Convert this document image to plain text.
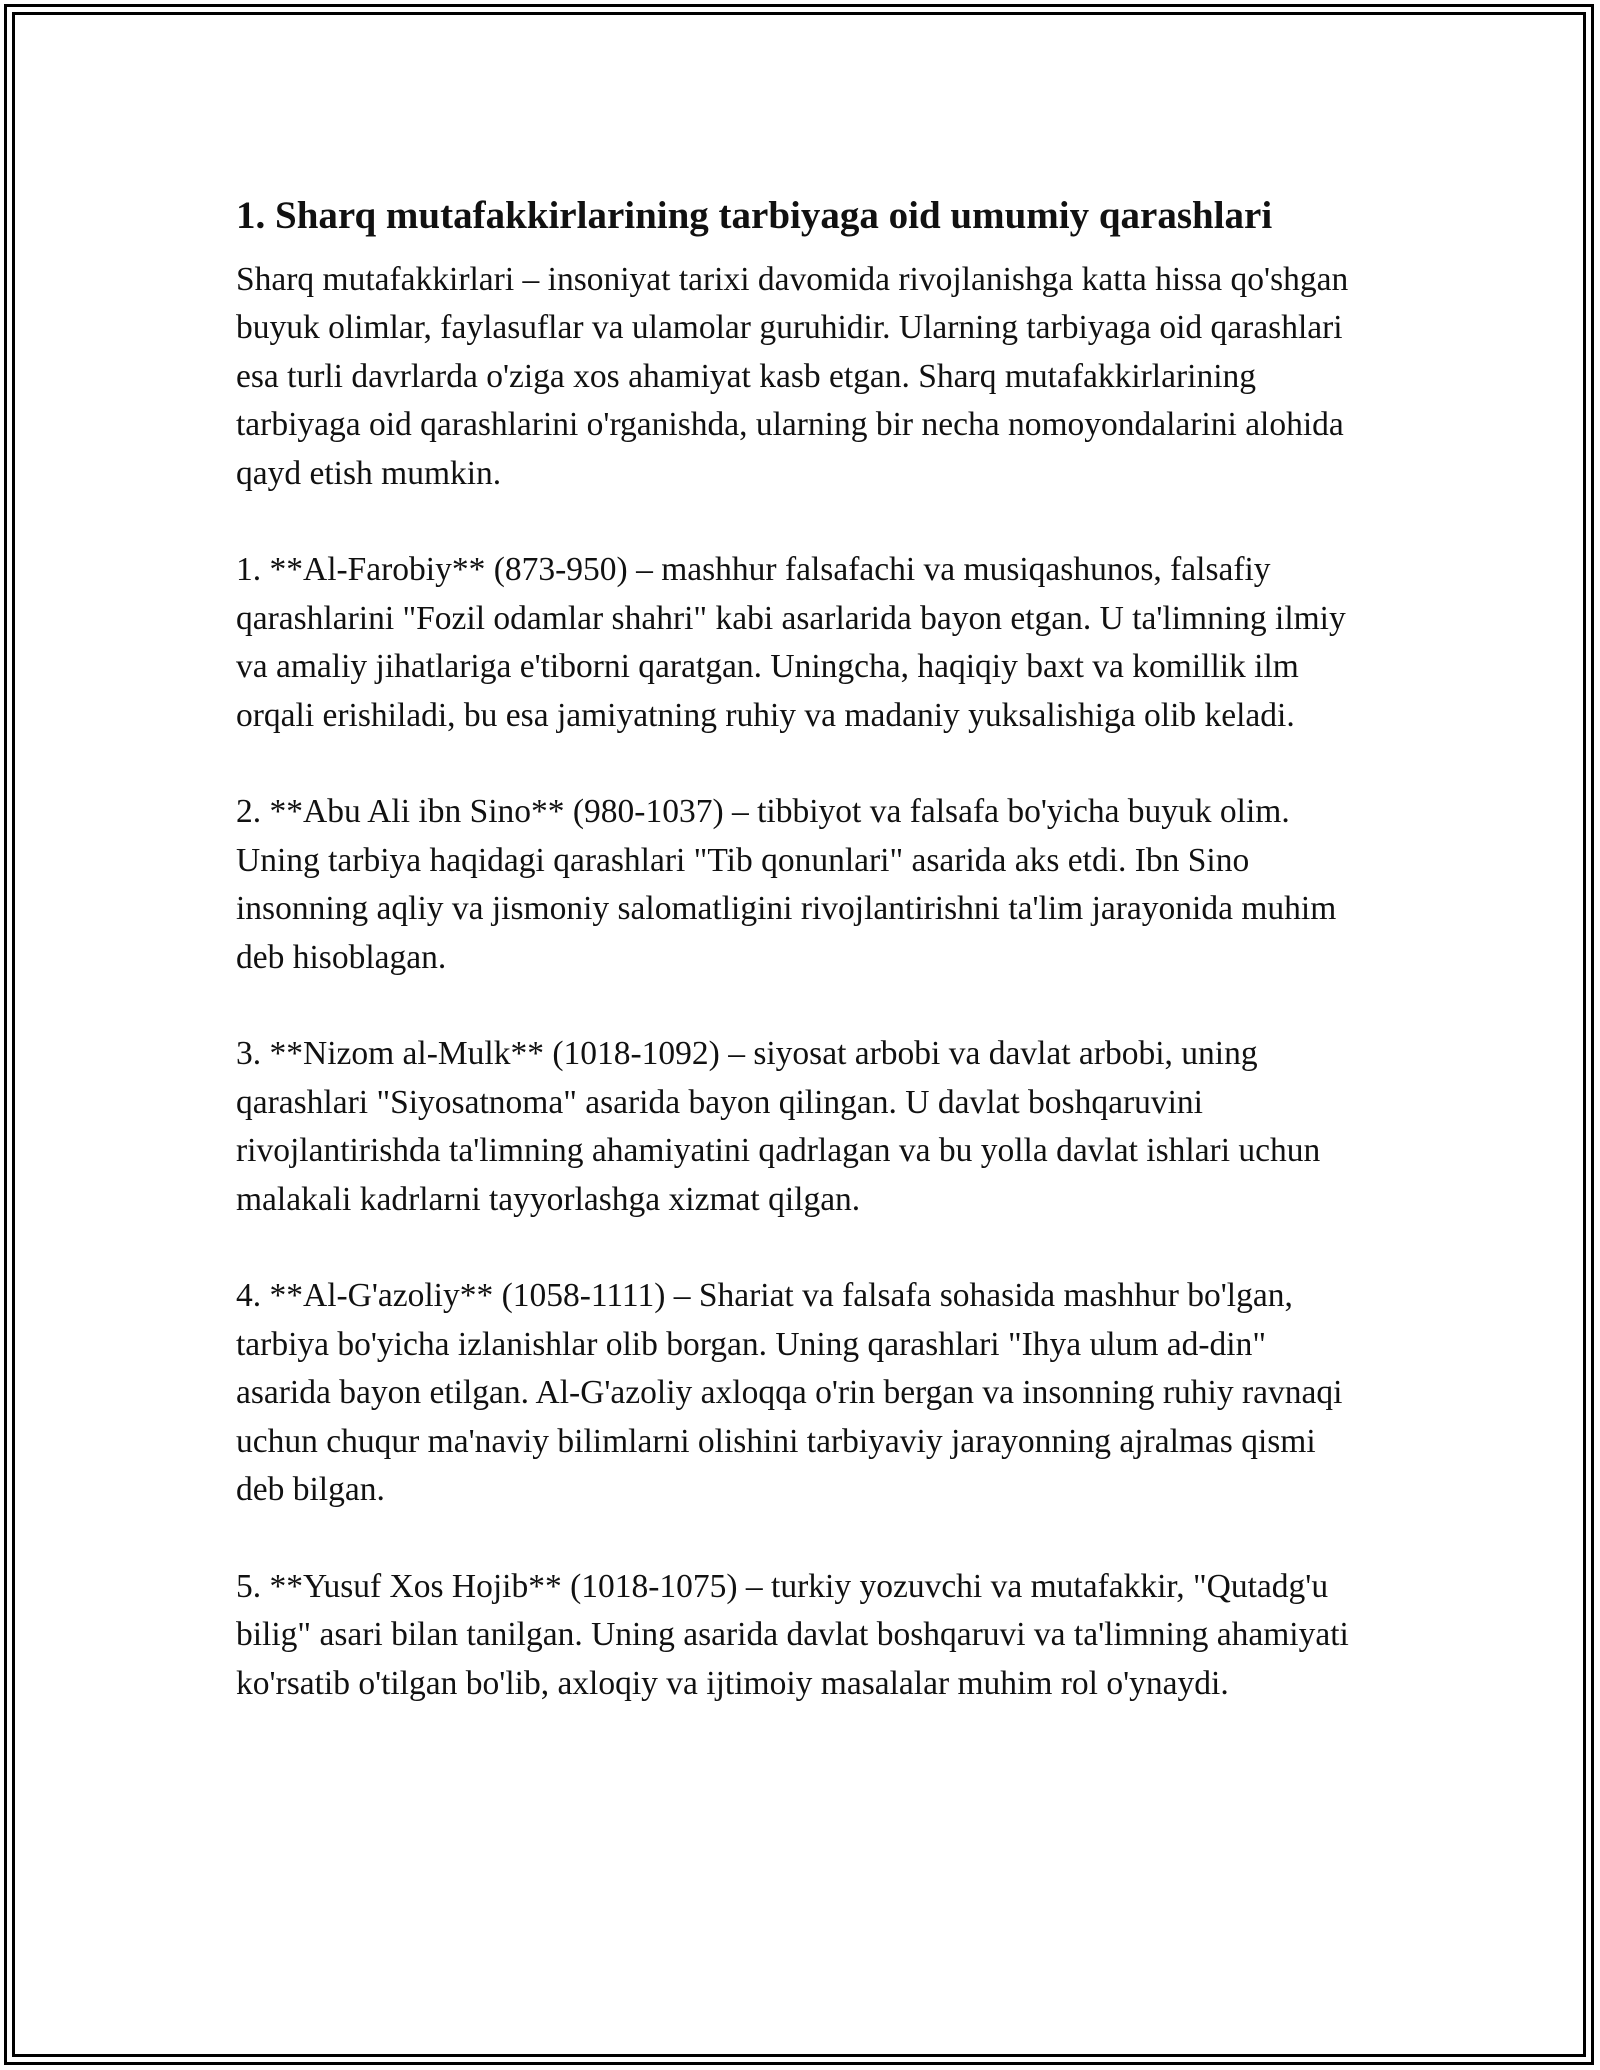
1. Sharq mutafakkirlarining tarbiyaga oid umumiy qarashlari

Sharq mutafakkirlari – insoniyat tarixi davomida rivojlanishga katta hissa qo'shgan buyuk olimlar, faylasuflar va ulamolar guruhidir. Ularning tarbiyaga oid qarashlari esa turli davrlarda o'ziga xos ahamiyat kasb etgan. Sharq mutafakkirlarining tarbiyaga oid qarashlarini o'rganishda, ularning bir necha nomoyondalarini alohida qayd etish mumkin.

1. **Al-Farobiy** (873-950) – mashhur falsafachi va musiqashunos, falsafiy qarashlarini "Fozil odamlar shahri" kabi asarlarida bayon etgan. U ta'limning ilmiy va amaliy jihatlariga e'tiborni qaratgan. Uningcha, haqiqiy baxt va komillik ilm orqali erishiladi, bu esa jamiyatning ruhiy va madaniy yuksalishiga olib keladi.

2. **Abu Ali ibn Sino** (980-1037) – tibbiyot va falsafa bo'yicha buyuk olim. Uning tarbiya haqidagi qarashlari "Tib qonunlari" asarida aks etdi. Ibn Sino insonning aqliy va jismoniy salomatligini rivojlantirishni ta'lim jarayonida muhim deb hisoblagan.

3. **Nizom al-Mulk** (1018-1092) – siyosat arbobi va davlat arbobi, uning qarashlari "Siyosatnoma" asarida bayon qilingan. U davlat boshqaruvini rivojlantirishda ta'limning ahamiyatini qadrlagan va bu yolla davlat ishlari uchun malakali kadrlarni tayyorlashga xizmat qilgan.

4. **Al-G'azoliy** (1058-1111) – Shariat va falsafa sohasida mashhur bo'lgan, tarbiya bo'yicha izlanishlar olib borgan. Uning qarashlari "Ihya ulum ad-din" asarida bayon etilgan. Al-G'azoliy axloqqa o'rin bergan va insonning ruhiy ravnaqi uchun chuqur ma'naviy bilimlarni olishini tarbiyaviy jarayonning ajralmas qismi deb bilgan.

5. **Yusuf Xos Hojib** (1018-1075) – turkiy yozuvchi va mutafakkir, "Qutadg'u bilig" asari bilan tanilgan. Uning asarida davlat boshqaruvi va ta'limning ahamiyati ko'rsatib o'tilgan bo'lib, axloqiy va ijtimoiy masalalar muhim rol o'ynaydi.
